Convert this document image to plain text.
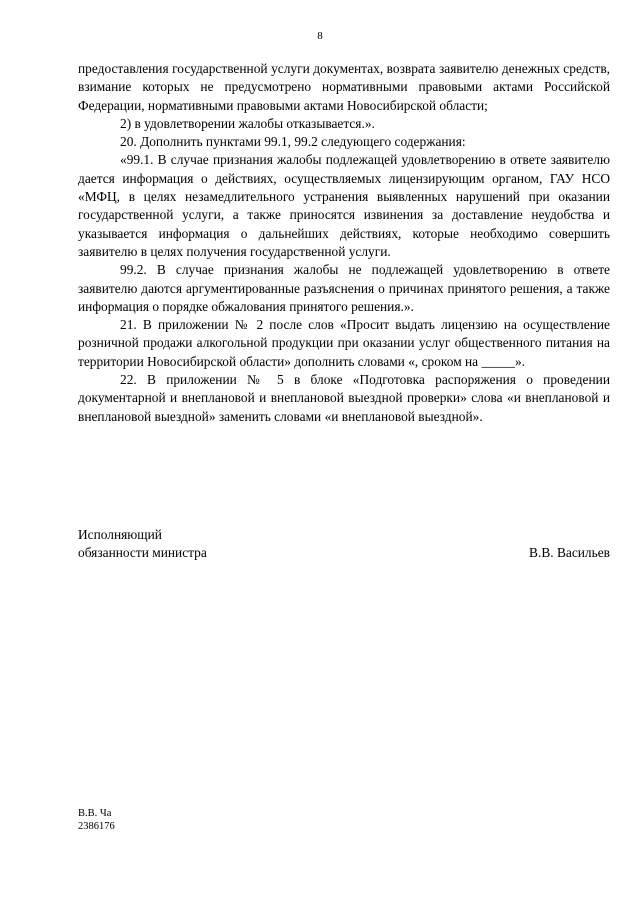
8

предоставления государственной услуги документах, возврата заявителю денежных средств, взимание которых не предусмотрено нормативными правовыми актами Российской Федерации, нормативными правовыми актами Новосибирской области;

2) в удовлетворении жалобы отказывается.».

20. Дополнить пунктами 99.1, 99.2 следующего содержания:

«99.1. В случае признания жалобы подлежащей удовлетворению в ответе заявителю дается информация о действиях, осуществляемых лицензирующим органом, ГАУ НСО «МФЦ, в целях незамедлительного устранения выявленных нарушений при оказании государственной услуги, а также приносятся извинения за доставление неудобства и указывается информация о дальнейших действиях, которые необходимо совершить заявителю в целях получения государственной услуги.

99.2. В случае признания жалобы не подлежащей удовлетворению в ответе заявителю даются аргументированные разъяснения о причинах принятого решения, а также информация о порядке обжалования принятого решения.».

21. В приложении № 2 после слов «Просит выдать лицензию на осуществление розничной продажи алкогольной продукции при оказании услуг общественного питания на территории Новосибирской области» дополнить словами «, сроком на _____».

22. В приложении № 5 в блоке «Подготовка распоряжения о проведении документарной и внеплановой и внеплановой выездной проверки» слова «и внеплановой и внеплановой выездной» заменить словами «и внеплановой выездной».

Исполняющий
обязанности министра	В.В. Васильев
В.В. Ча
2386176
